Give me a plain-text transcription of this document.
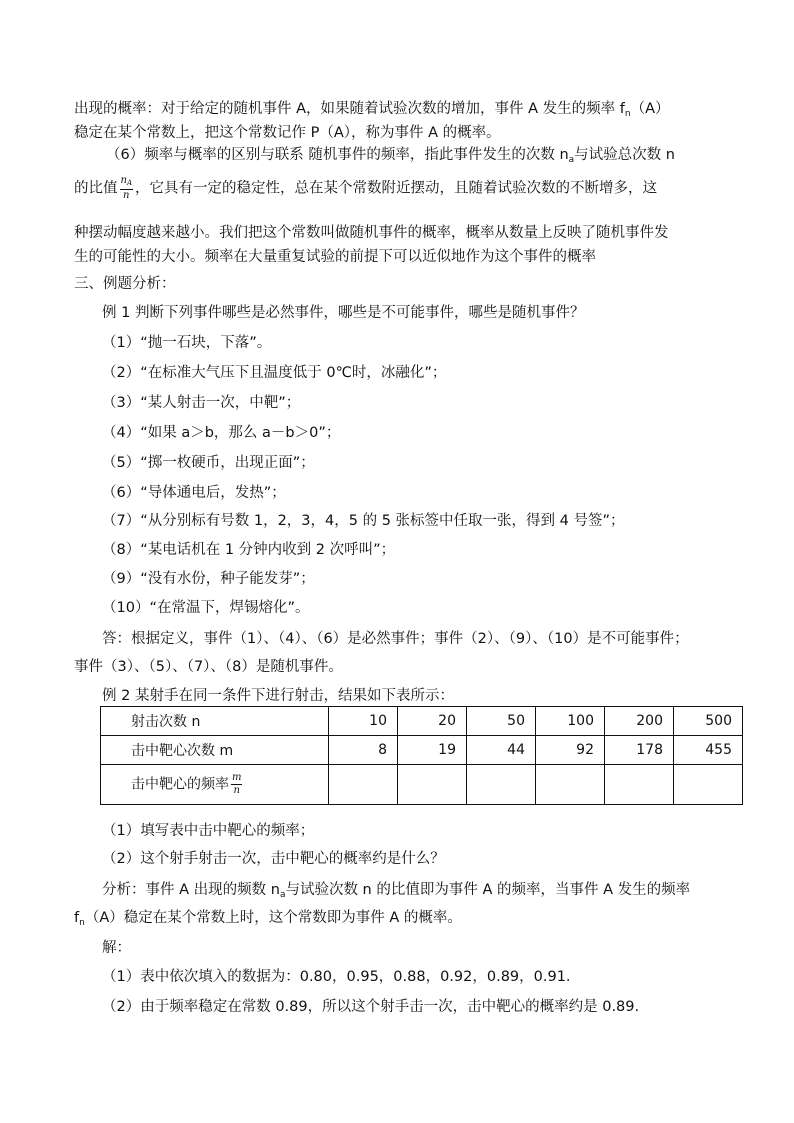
出现的概率：对于给定的随机事件 A，如果随着试验次数的增加，事件 A 发生的频率 $f_n(A)$
稳定在某个常数上，把这个常数记作 P（A），称为事件 A 的概率。
（6）频率与概率的区别与联系 随机事件的频率，指此事件发生的次数 $n_a$与试验总次数 n
的比值 $\frac{n_A}{n}$ ，它具有一定的稳定性，总在某个常数附近摆动，且随着试验次数的不断增多，这
种摆动幅度越来越小。我们把这个常数叫做随机事件的概率，概率从数量上反映了随机事件发
生的可能性的大小。频率在大量重复试验的前提下可以近似地作为这个事件的概率
三、例题分析：
例 1 判断下列事件哪些是必然事件，哪些是不可能事件，哪些是随机事件？
（1）“抛一石块，下落”。
（2）“在标准大气压下且温度低于 0℃时，冰融化”；
（3）“某人射击一次，中靶”；
（4）“如果 a＞b，那么 a－b＞0”；
（5）“掷一枚硬币，出现正面”；
（6）“导体通电后，发热”；
（7）“从分别标有号数 1，2，3，4，5 的 5 张标签中任取一张，得到 4 号签”；
（8）“某电话机在 1 分钟内收到 2 次呼叫”；
（9）“没有水份，种子能发芽”；
（10）“在常温下，焊锡熔化”。
答：根据定义，事件（1）、（4）、（6）是必然事件；事件（2）、（9）、（10）是不可能事件；
事件（3）、（5）、（7）、（8）是随机事件。
例 2 某射手在同一条件下进行射击，结果如下表所示：
射击次数 n	10	20	50	100	200	500
击中靶心次数 m	8	19	44	92	178	455
击中靶心的频率 $\frac{m}{n}$

（1）填写表中击中靶心的频率；
（2）这个射手射击一次，击中靶心的概率约是什么？
分析：事件 A 出现的频数 $n_a$与试验次数 n 的比值即为事件 A 的频率，当事件 A 发生的频率
$f_n(A)$稳定在某个常数上时，这个常数即为事件 A 的概率。
解：
（1）表中依次填入的数据为：0.80，0.95，0.88，0.92，0.89，0.91.
（2）由于频率稳定在常数 0.89，所以这个射手击一次，击中靶心的概率约是 0.89.
